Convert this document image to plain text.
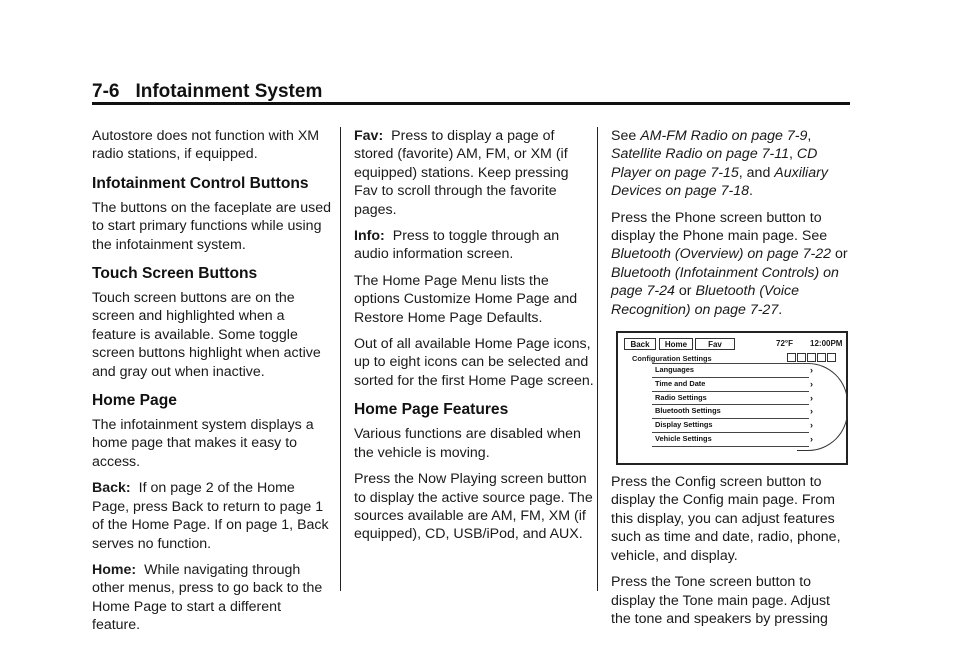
7-6 Infotainment System

Autostore does not function with XM radio stations, if equipped.

Infotainment Control Buttons

The buttons on the faceplate are used to start primary functions while using the infotainment system.

Touch Screen Buttons

Touch screen buttons are on the screen and highlighted when a feature is available. Some toggle screen buttons highlight when active and gray out when inactive.

Home Page

The infotainment system displays a home page that makes it easy to access.

Back: If on page 2 of the Home Page, press Back to return to page 1 of the Home Page. If on page 1, Back serves no function.

Home: While navigating through other menus, press to go back to the Home Page to start a different feature.

Fav: Press to display a page of stored (favorite) AM, FM, or XM (if equipped) stations. Keep pressing Fav to scroll through the favorite pages.

Info: Press to toggle through an audio information screen.

The Home Page Menu lists the options Customize Home Page and Restore Home Page Defaults.

Out of all available Home Page icons, up to eight icons can be selected and sorted for the first Home Page screen.

Home Page Features

Various functions are disabled when the vehicle is moving.

Press the Now Playing screen button to display the active source page. The sources available are AM, FM, XM (if equipped), CD, USB/iPod, and AUX.

See AM-FM Radio on page 7-9, Satellite Radio on page 7-11, CD Player on page 7-15, and Auxiliary Devices on page 7-18.

Press the Phone screen button to display the Phone main page. See Bluetooth (Overview) on page 7-22 or Bluetooth (Infotainment Controls) on page 7-24 or Bluetooth (Voice Recognition) on page 7-27.

Back	Home	Fav	72°F 12:00PM
Configuration Settings
Languages	›
Time and Date	›
Radio Settings	›
Bluetooth Settings	›
Display Settings	›
Vehicle Settings	›

Press the Config screen button to display the Config main page. From this display, you can adjust features such as time and date, radio, phone, vehicle, and display.

Press the Tone screen button to display the Tone main page. Adjust the tone and speakers by pressing
